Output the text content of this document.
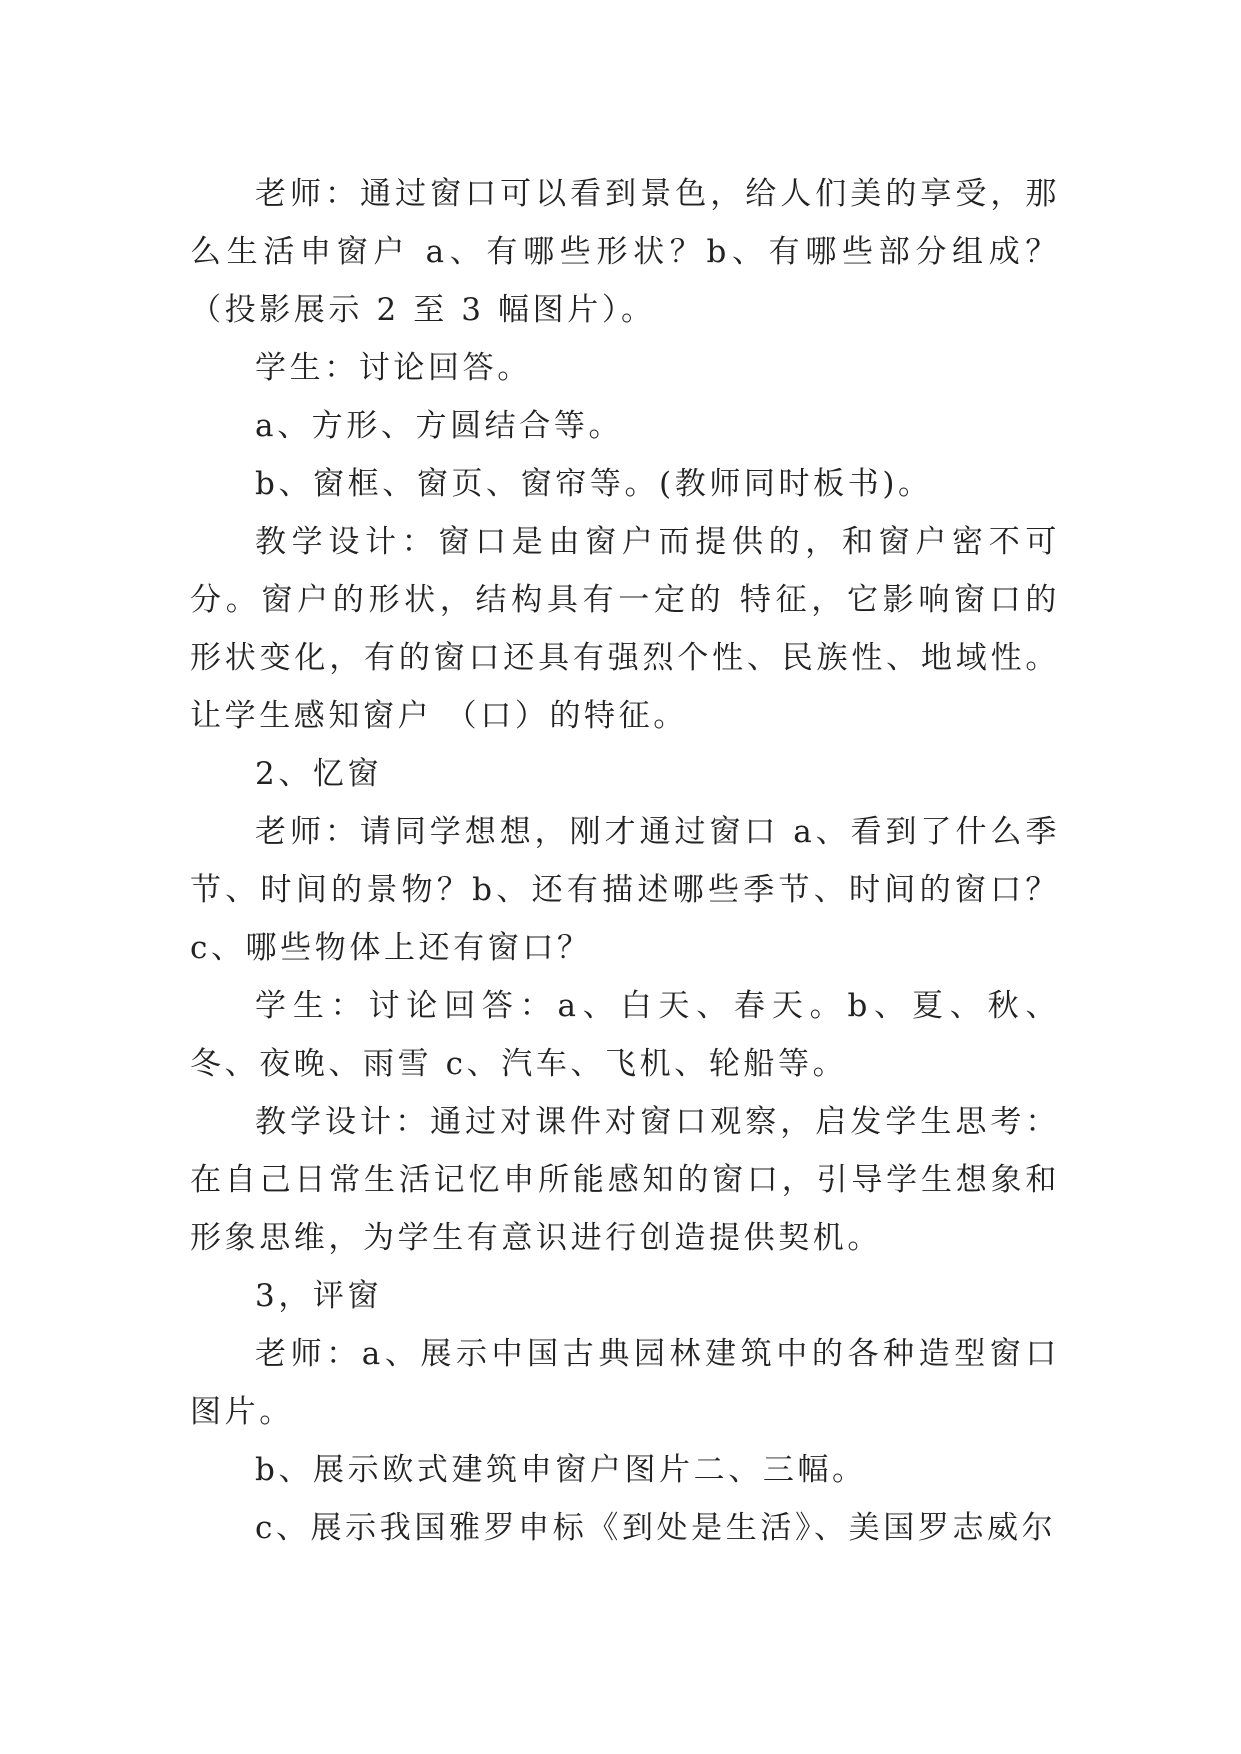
老师：通过窗口可以看到景色，给人们美的享受，那么生活申窗户 a、有哪些形状？b、有哪些部分组成？（投影展示 2 至 3 幅图片）。

学生：讨论回答。

a、方形、方圆结合等。

b、窗框、窗页、窗帘等。(教师同时板书)。

教学设计：窗口是由窗户而提供的，和窗户密不可分。窗户的形状，结构具有一定的 特征，它影响窗口的形状变化，有的窗口还具有强烈个性、民族性、地域性。让学生感知窗户 （口）的特征。

2、忆窗

老师：请同学想想，刚才通过窗口 a、看到了什么季节、时间的景物？b、还有描述哪些季节、时间的窗口？c、哪些物体上还有窗口？

学生：讨论回答：a、白天、春天。b、夏、秋、冬、夜晚、雨雪 c、汽车、飞机、轮船等。

教学设计：通过对课件对窗口观察，启发学生思考：在自己日常生活记忆申所能感知的窗口，引导学生想象和形象思维，为学生有意识进行创造提供契机。

3，评窗

老师：a、展示中国古典园林建筑中的各种造型窗口图片。

b、展示欧式建筑申窗户图片二、三幅。

c、展示我国雅罗申标《到处是生活》、美国罗志威尔
